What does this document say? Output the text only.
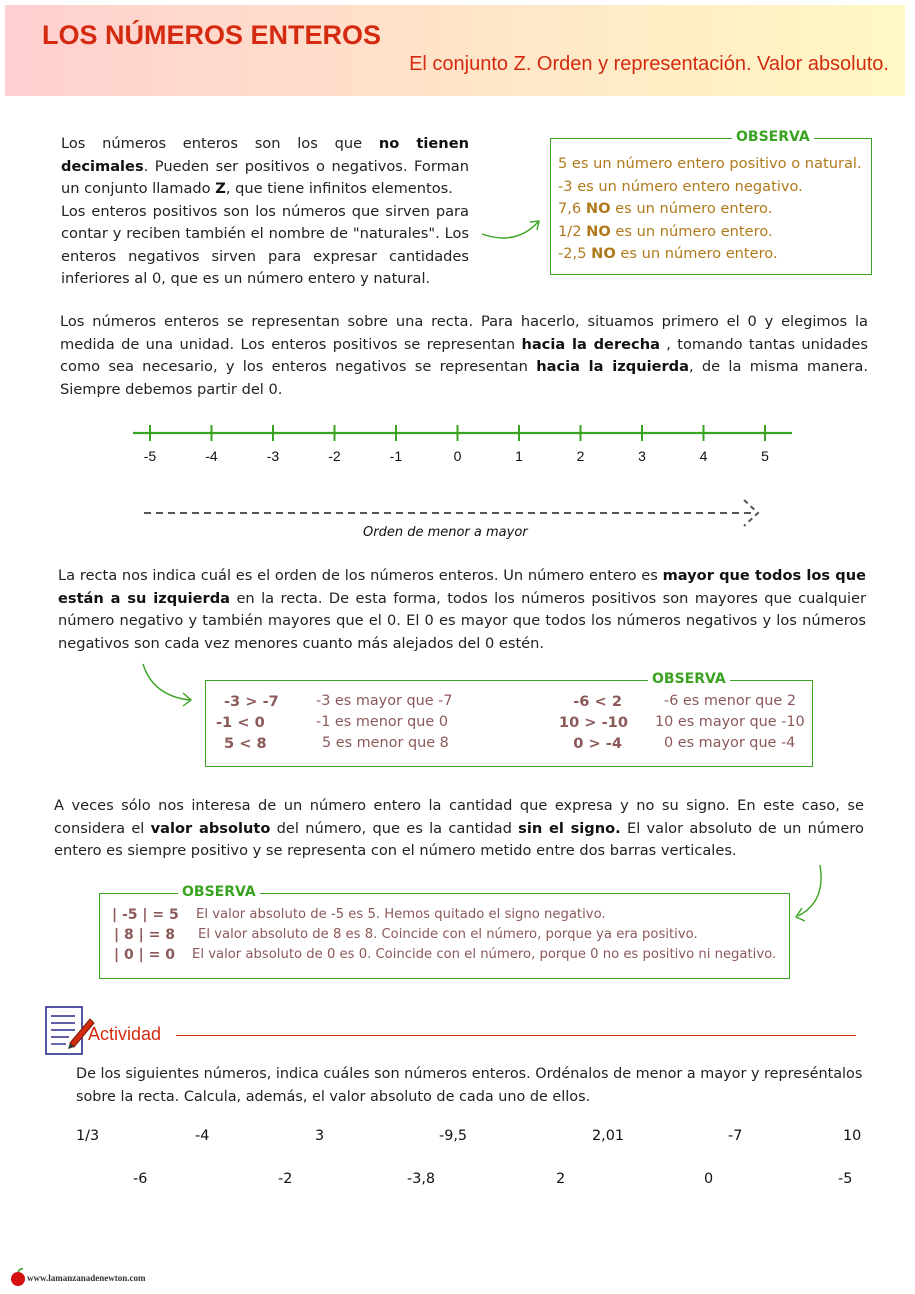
LOS NÚMEROS ENTEROS
El conjunto Z. Orden y representación. Valor absoluto.

Los números enteros son los que no tienen decimales. Pueden ser positivos o negativos. Forman un conjunto llamado Z, que tiene infinitos elementos.

Los enteros positivos son los números que sirven para contar y reciben también el nombre de "naturales". Los enteros negativos sirven para expresar cantidades inferiores al 0, que es un número entero y natural.

OBSERVA
5 es un número entero positivo o natural.
-3 es un número entero negativo.
7,6 NO es un número entero.
1/2 NO es un número entero.
-2,5 NO es un número entero.

Los números enteros se representan sobre una recta. Para hacerlo, situamos primero el 0 y elegimos la medida de una unidad. Los enteros positivos se representan hacia la derecha , tomando tantas unidades como sea necesario, y los enteros negativos se representan hacia la izquierda, de la misma manera. Siempre debemos partir del 0.

-5	-4	-3	-2	-1	0	1	2	3	4	5
Orden de menor a mayor

La recta nos indica cuál es el orden de los números enteros. Un número entero es mayor que todos los que están a su izquierda en la recta. De esta forma, todos los números positivos son mayores que cualquier número negativo y también mayores que el 0. El 0 es mayor que todos los números negativos y los números negativos son cada vez menores cuanto más alejados del 0 estén.

OBSERVA
-3 > -7	-3 es mayor que -7	-6 < 2	-6 es menor que 2
-1 < 0	-1 es menor que 0	10 > -10 10 es mayor que -10
5 < 8	5 es menor que 8	0 > -4	0 es mayor que -4

A veces sólo nos interesa de un número entero la cantidad que expresa y no su signo. En este caso, se considera el valor absoluto del número, que es la cantidad sin el signo. El valor absoluto de un número entero es siempre positivo y se representa con el número metido entre dos barras verticales.

OBSERVA
| -5 | = 5 El valor absoluto de -5 es 5. Hemos quitado el signo negativo.
| 8 | = 8 El valor absoluto de 8 es 8. Coincide con el número, porque ya era positivo.
| 0 | = 0 El valor absoluto de 0 es 0. Coincide con el número, porque 0 no es positivo ni negativo.
Actividad
De los siguientes números, indica cuáles son números enteros. Ordénalos de menor a mayor y represéntalos sobre la recta. Calcula, además, el valor absoluto de cada uno de ellos.
1/3	-4	3	-9,5	2,01	-7	10
-6	-2	-3,8	2	0	-5
www.lamanzanadenewton.com
